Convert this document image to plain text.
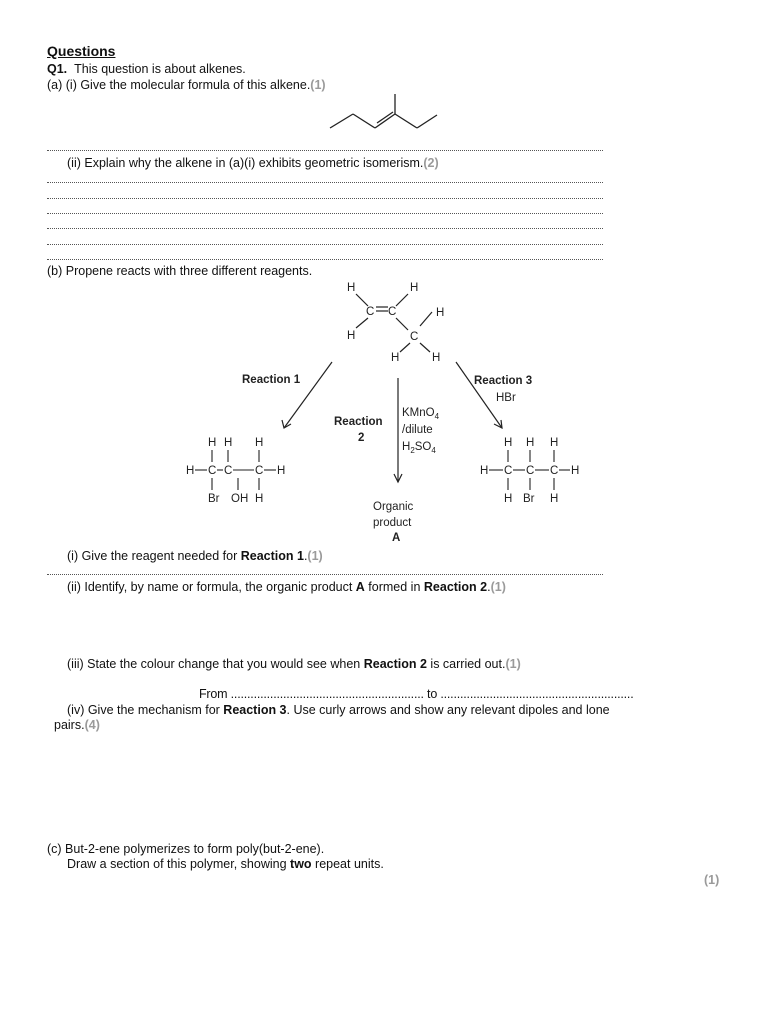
Questions
Q1. This question is about alkenes.
(a) (i) Give the molecular formula of this alkene.(1)
(ii) Explain why the alkene in (a)(i) exhibits geometric isomerism.(2)
(b) Propene reacts with three different reagents.
H	H
C C	H
H	C
H	H
Reaction 1
Reaction
2
Reaction 3
HBr
KMnO$_4$
/dilute
$H_2SO_4$
Organic
product
A
H H H
H C C C H
Br OH H
H H H
H C C C H
H Br H
(i) Give the reagent needed for Reaction 1.(1)
(ii) Identify, by name or formula, the organic product A formed in Reaction 2.(1)
(iii) State the colour change that you would see when Reaction 2 is carried out.(1)
From ........................................................... to ...........................................................
(iv) Give the mechanism for Reaction 3. Use curly arrows and show any relevant dipoles and lone
pairs.(4)
(c) But-2-ene polymerizes to form poly(but-2-ene).
Draw a section of this polymer, showing two repeat units.
(1)
